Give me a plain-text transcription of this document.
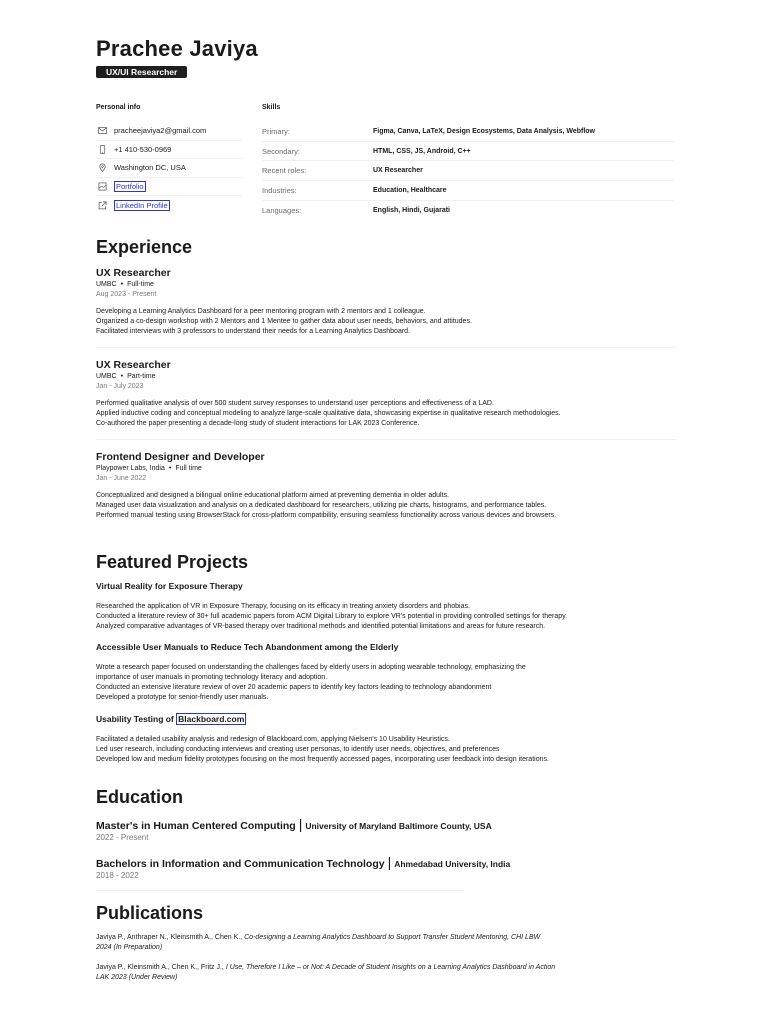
Prachee Javiya
UX/UI Researcher
Personal info
pracheejaviya2@gmail.com
+1 410-530-0969
Washington DC, USA
Portfolio
LinkedIn Profile
Skills
Primary:	Figma, Canva, LaTeX, Design Ecosystems, Data Analysis, Webflow
Secondary:	HTML, CSS, JS, Android, C++
Recent roles:	UX Researcher
Industries:	Education, Healthcare
Languages:	English, Hindi, Gujarati
Experience
UX Researcher
UMBC • Full-time
Aug 2023 - Present
Developing a Learning Analytics Dashboard for a peer mentoring program with 2 mentors and 1 colleague.
Organized a co-design workshop with 2 Mentors and 1 Mentee to gather data about user needs, behaviors, and attitudes.
Facilitated interviews with 3 professors to understand their needs for a Learning Analytics Dashboard.
UX Researcher
UMBC • Part-time
Jan - July 2023
Performed qualitative analysis of over 500 student survey responses to understand user perceptions and effectiveness of a LAD.
Applied inductive coding and conceptual modeling to analyze large-scale qualitative data, showcasing expertise in qualitative research methodologies.
Co-authored the paper presenting a decade-long study of student interactions for LAK 2023 Conference.
Frontend Designer and Developer
Playpower Labs, India • Full time
Jan - June 2022
Conceptualized and designed a bilingual online educational platform aimed at preventing dementia in older adults.
Managed user data visualization and analysis on a dedicated dashboard for researchers, utilizing pie charts, histograms, and performance tables.
Performed manual testing using BrowserStack for cross-platform compatibility, ensuring seamless functionality across various devices and browsers.
Featured Projects
Virtual Reality for Exposure Therapy
Researched the application of VR in Exposure Therapy, focusing on its efficacy in treating anxiety disorders and phobias.
Conducted a literature review of 30+ full academic papers forom ACM Digital Library to explore VR's potential in providing controlled settings for therapy.
Analyzed comparative advantages of VR-based therapy over traditional methods and identified potential limitations and areas for future research.
Accessible User Manuals to Reduce Tech Abandonment among the Elderly
Wrote a research paper focused on understanding the challenges faced by elderly users in adopting wearable technology, emphasizing the
importance of user manuals in promoting technology literacy and adoption.
Conducted an extensive literature review of over 20 academic papers to identify key factors leading to technology abandonment
Developed a prototype for senior-friendly user manuals.
Usability Testing of Blackboard.com
Facilitated a detailed usability analysis and redesign of Blackboard.com, applying Nielsen's 10 Usability Heuristics.
Led user research, including conducting interviews and creating user personas, to identify user needs, objectives, and preferences
Developed low and medium fidelity prototypes focusing on the most frequently accessed pages, incorporating user feedback into design iterations.
Education
Master's in Human Centered Computing | University of Maryland Baltimore County, USA
2022 - Present
Bachelors in Information and Communication Technology | Ahmedabad University, India
2018 - 2022
Publications
Javiya P., Anthraper N., Kleinsmith A., Chen K., Co-designing a Learning Analytics Dashboard to Support Transfer Student Mentoring, CHI LBW
2024 (In Preparation)
Javiya P., Kleinsmith A., Chen K., Fritz J., I Use, Therefore I Like – or Not: A Decade of Student Insights on a Learning Analytics Dashboard in Action
LAK 2023 (Under Review)
